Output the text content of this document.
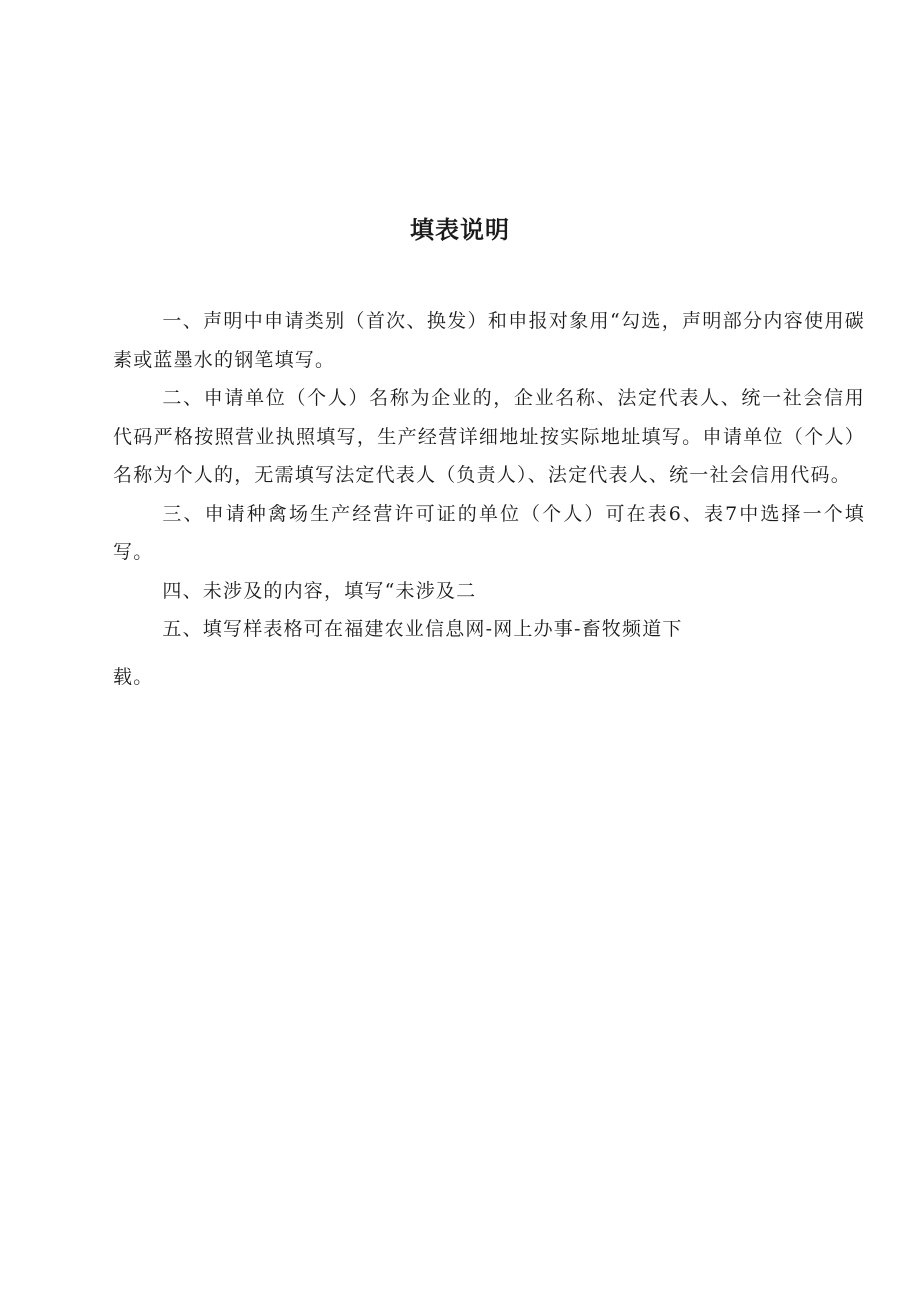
填表说明

一、声明中申请类别（首次、换发）和申报对象用“勾选，声明部分内容使用碳素或蓝墨水的钢笔填写。

二、申请单位（个人）名称为企业的，企业名称、法定代表人、统一社会信用代码严格按照营业执照填写，生产经营详细地址按实际地址填写。申请单位（个人）名称为个人的，无需填写法定代表人（负责人）、法定代表人、统一社会信用代码。

三、申请种禽场生产经营许可证的单位（个人）可在表6、表7中选择一个填写。

四、未涉及的内容，填写“未涉及二

五、填写样表格可在福建农业信息网-网上办事-畜牧频道下

载。
